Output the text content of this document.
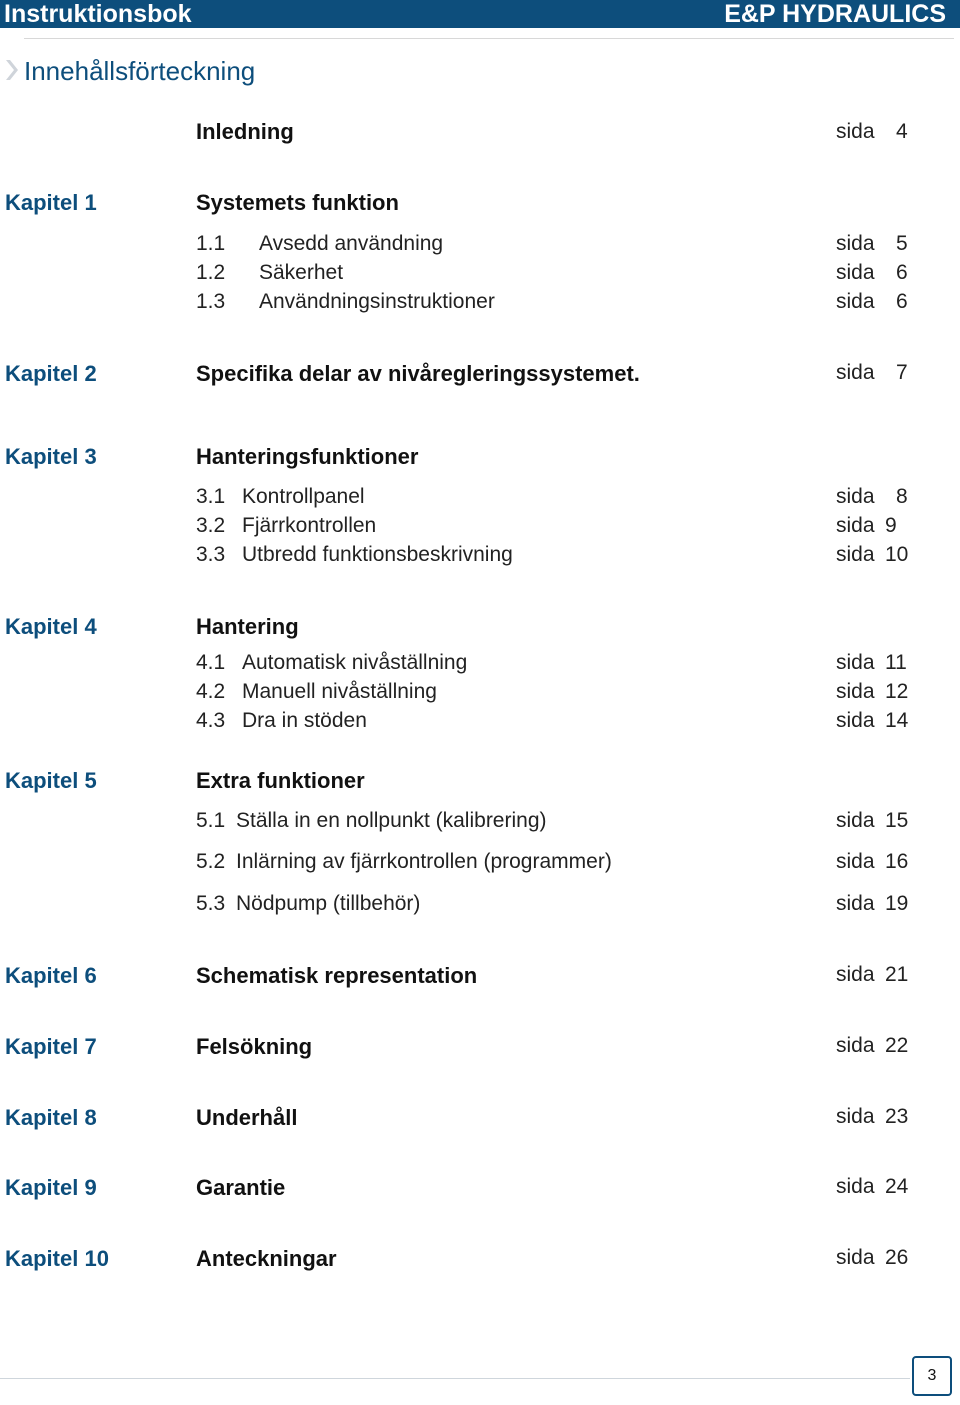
Instruktionsbok	E&P HYDRAULICS
Innehållsförteckning
Inledning	sida 4
Kapitel 1	Systemets funktion
1.1 Avsedd användning	sida 5
1.2 Säkerhet	sida 6
1.3 Användningsinstruktioner	sida 6
Kapitel 2	Specifika delar av nivåregleringssystemet.	sida 7
Kapitel 3	Hanteringsfunktioner
3.1 Kontrollpanel	sida 8
3.2 Fjärrkontrollen	sida 9
3.3 Utbredd funktionsbeskrivning	sida 10
Kapitel 4	Hantering
4.1 Automatisk nivåställning	sida 11
4.2 Manuell nivåställning	sida 12
4.3 Dra in stöden	sida 14
Kapitel 5	Extra funktioner
5.1 Ställa in en nollpunkt (kalibrering)	sida 15
5.2 Inlärning av fjärrkontrollen (programmer)	sida 16
5.3 Nödpump (tillbehör)	sida 19
Kapitel 6	Schematisk representation	sida 21
Kapitel 7	Felsökning	sida 22
Kapitel 8	Underhåll	sida 23
Kapitel 9	Garantie	sida 24
Kapitel 10	Anteckningar	sida 26
3
